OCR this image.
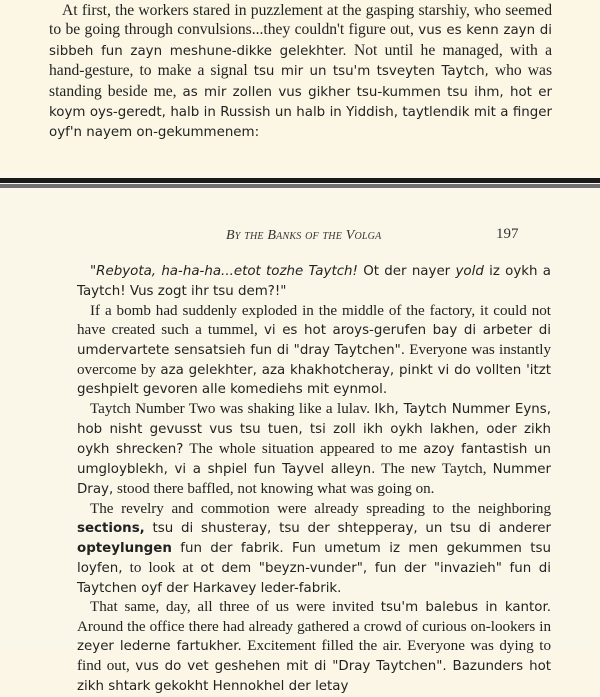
At first, the workers stared in puzzlement at the gasping starshiy, who seemed to be going through convulsions...they couldn't figure out, vus es kenn zayn di sibbeh fun zayn meshune-dikke gelekhter. Not until he managed, with a hand-gesture, to make a signal tsu mir un tsu'm tsveyten Taytch, who was standing beside me, as mir zollen vus gikher tsu-kummen tsu ihm, hot er koym oys-geredt, halb in Russish un halb in Yiddish, taytlendik mit a finger oyf'n nayem on-gekummenem:

By the Banks of the Volga	197

"Rebyota, ha-ha-ha...etot tozhe Taytch! Ot der nayer yold iz oykh a Taytch! Vus zogt ihr tsu dem?!"

If a bomb had suddenly exploded in the middle of the factory, it could not have created such a tummel, vi es hot aroys-gerufen bay di arbeter di umdervartete sensatsieh fun di "dray Taytchen". Everyone was instantly overcome by aza gelekhter, aza khakhotcheray, pinkt vi do vollten 'itzt geshpielt gevoren alle komediehs mit eynmol.

Taytch Number Two was shaking like a lulav. Ikh, Taytch Nummer Eyns, hob nisht gevusst vus tsu tuen, tsi zoll ikh oykh lakhen, oder zikh oykh shrecken? The whole situation appeared to me azoy fantastish un umgloyblekh, vi a shpiel fun Tayvel alleyn. The new Taytch, Nummer Dray, stood there baffled, not knowing what was going on.

The revelry and commotion were already spreading to the neighboring sections, tsu di shusteray, tsu der shtepperay, un tsu di anderer opteylungen fun der fabrik. Fun umetum iz men gekummen tsu loyfen, to look at ot dem "beyzn-vunder", fun der "invazieh" fun di Taytchen oyf der Harkavey leder-fabrik.

That same, day, all three of us were invited tsu'm balebus in kantor. Around the office there had already gathered a crowd of curious on-lookers in zeyer lederne fartukher. Excitement filled the air. Everyone was dying to find out, vus do vet geshehen mit di "Dray Taytchen". Bazunders hot zikh shtark gekokht Hennokhel der letay
